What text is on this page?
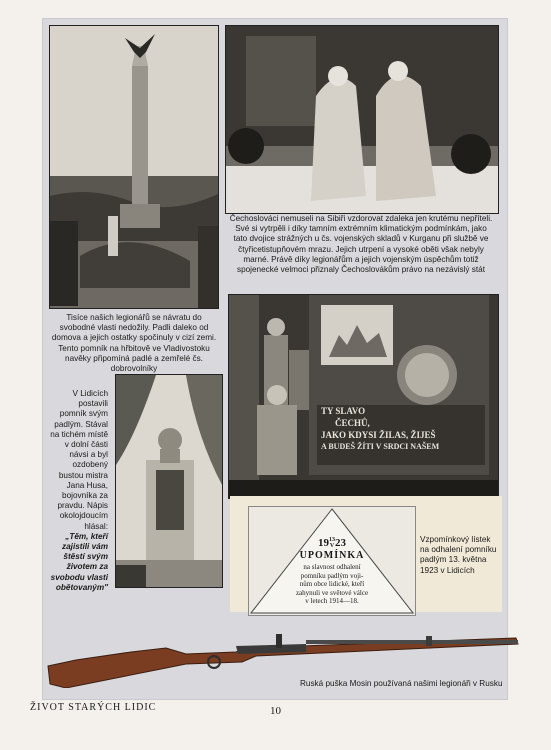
Čechoslováci nemuseli na Sibiři vzdorovat zdaleka jen krutému nepříteli. Své si vytrpěli i díky tamním extrémním klimatickým podmínkám, jako tato dvojice strážných u čs. vojenských skladů v Kurganu při službě ve čtyřicetistupňovém mrazu. Jejich utrpení a vysoké oběti však nebyly marné. Právě díky legionářům a jejich vojenským úspěchům totiž spojenecké velmoci přiznaly Čechoslovákům právo na nezávislý stát
Tisíce našich legionářů se návratu do svobodné vlasti nedožily. Padli daleko od domova a jejich ostatky spočinuly v cizí zemi. Tento pomník na hřbitově ve Vladivostoku navěky připomíná padlé a zemřelé čs. dobrovolníky
V Lidicích postavili pomník svým padlým. Stával na tichém místě v dolní části návsi a byl ozdobený bustou mistra Jana Husa, bojovníka za pravdu. Nápis okolojdoucím hlásal:
„Těm, kteří zajistili vám štěstí svým životem za svobodu vlasti obětovaným"
TY SLAVO
ČECHŮ,
JAKO KDYSI ŽILAS, ŽIJEŠ
A BUDEŠ ŽÍTI V SRDCI NAŠEM
1913
V23
UPOMÍNKA
na slavnost odhalení
pomníku padlým voji-
nům obce lidické, kteří
zahynuli ve světové válce
v letech 1914—18.
Vzpomínkový lístek na odhalení pomníku padlým 13. května 1923 v Lidicích
Ruská puška Mosin používaná našimi legionáři v Rusku
ŽIVOT STARÝCH LIDIC	10
